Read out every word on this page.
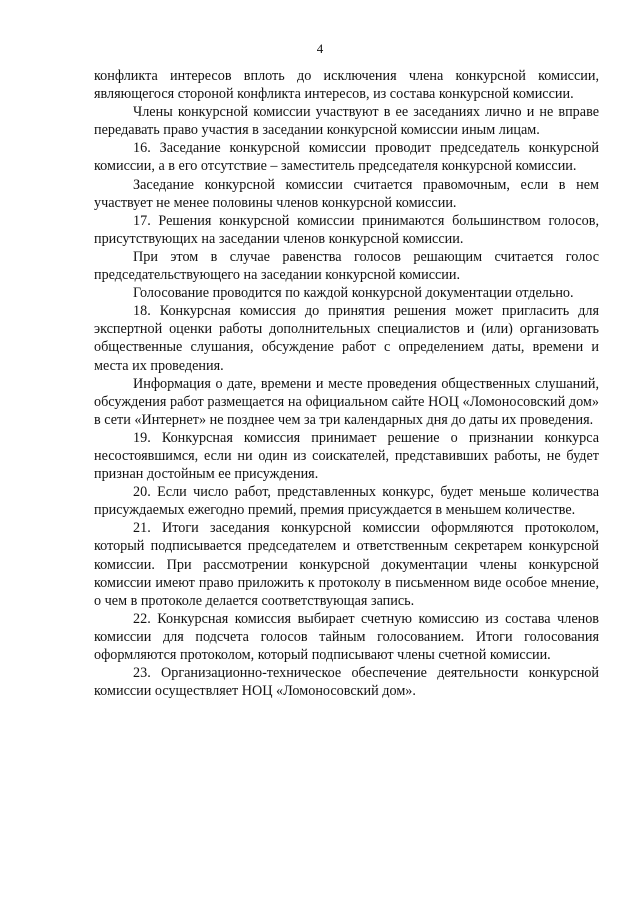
4

конфликта интересов вплоть до исключения члена конкурсной комиссии, являющегося стороной конфликта интересов, из состава конкурсной комиссии.

Члены конкурсной комиссии участвуют в ее заседаниях лично и не вправе передавать право участия в заседании конкурсной комиссии иным лицам.

16. Заседание конкурсной комиссии проводит председатель конкурсной комиссии, а в его отсутствие – заместитель председателя конкурсной комиссии.

Заседание конкурсной комиссии считается правомочным, если в нем участвует не менее половины членов конкурсной комиссии.

17. Решения конкурсной комиссии принимаются большинством голосов, присутствующих на заседании членов конкурсной комиссии.

При этом в случае равенства голосов решающим считается голос председательствующего на заседании конкурсной комиссии.

Голосование проводится по каждой конкурсной документации отдельно.

18. Конкурсная комиссия до принятия решения может пригласить для экспертной оценки работы дополнительных специалистов и (или) организовать общественные слушания, обсуждение работ с определением даты, времени и места их проведения.

Информация о дате, времени и месте проведения общественных слушаний, обсуждения работ размещается на официальном сайте НОЦ «Ломоносовский дом» в сети «Интернет» не позднее чем за три календарных дня до даты их проведения.

19. Конкурсная комиссия принимает решение о признании конкурса несостоявшимся, если ни один из соискателей, представивших работы, не будет признан достойным ее присуждения.

20. Если число работ, представленных конкурс, будет меньше количества присуждаемых ежегодно премий, премия присуждается в меньшем количестве.

21. Итоги заседания конкурсной комиссии оформляются протоколом, который подписывается председателем и ответственным секретарем конкурсной комиссии. При рассмотрении конкурсной документации члены конкурсной комиссии имеют право приложить к протоколу в письменном виде особое мнение, о чем в протоколе делается соответствующая запись.

22. Конкурсная комиссия выбирает счетную комиссию из состава членов комиссии для подсчета голосов тайным голосованием. Итоги голосования оформляются протоколом, который подписывают члены счетной комиссии.

23. Организационно-техническое обеспечение деятельности конкурсной комиссии осуществляет НОЦ «Ломоносовский дом».
